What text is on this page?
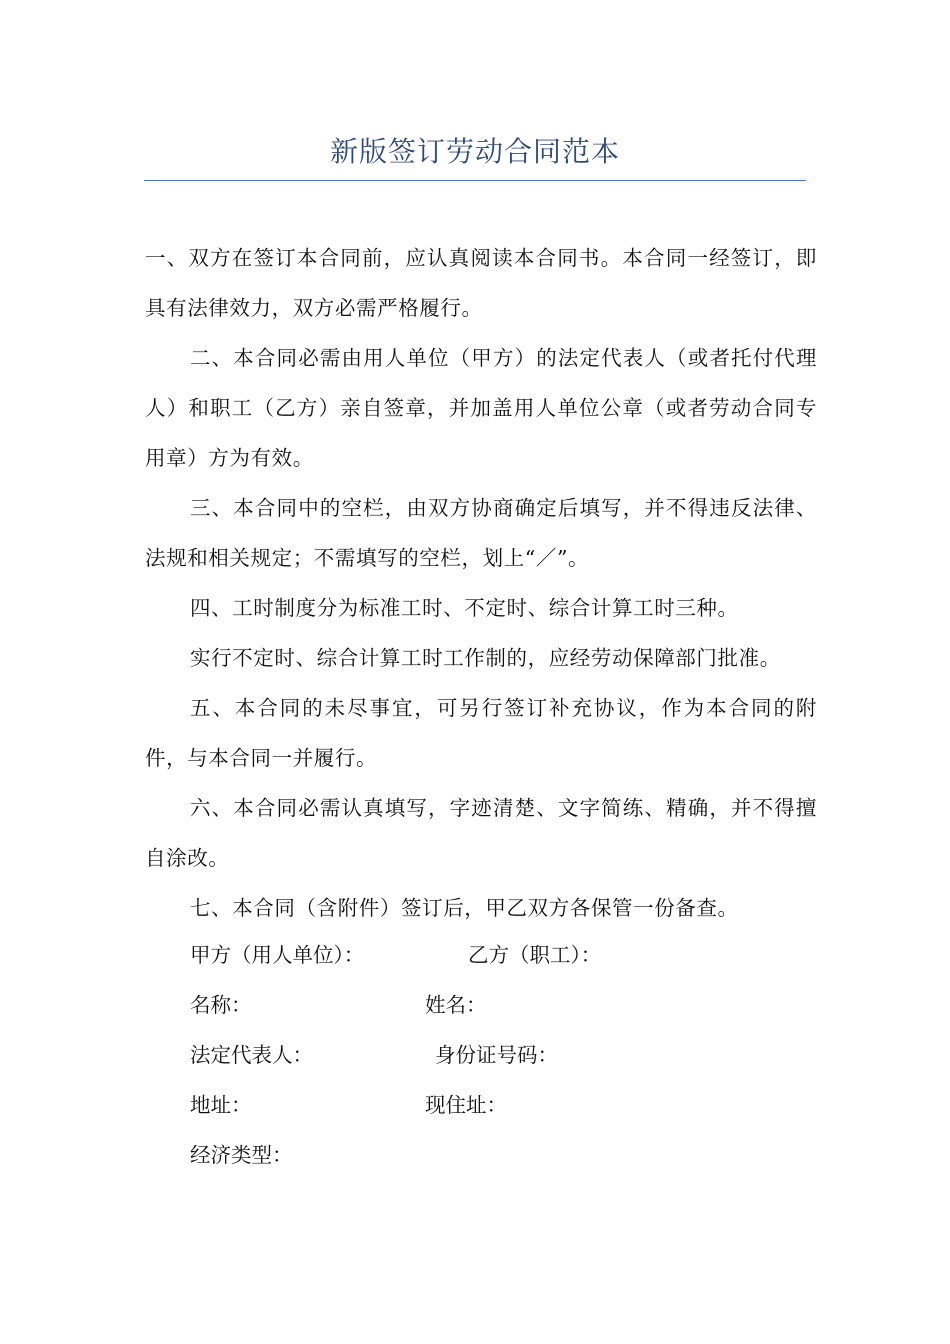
新版签订劳动合同范本

一、双方在签订本合同前，应认真阅读本合同书。本合同一经签订，即具有法律效力，双方必需严格履行。

二、本合同必需由用人单位（甲方）的法定代表人（或者托付代理人）和职工（乙方）亲自签章，并加盖用人单位公章（或者劳动合同专用章）方为有效。

三、本合同中的空栏，由双方协商确定后填写，并不得违反法律、法规和相关规定；不需填写的空栏，划上“／”。

四、工时制度分为标准工时、不定时、综合计算工时三种。

实行不定时、综合计算工时工作制的，应经劳动保障部门批准。

五、本合同的未尽事宜，可另行签订补充协议，作为本合同的附件，与本合同一并履行。

六、本合同必需认真填写，字迹清楚、文字简练、精确，并不得擅自涂改。

七、本合同（含附件）签订后，甲乙双方各保管一份备查。

甲方（用人单位）：	乙方（职工）：
名称：	姓名：
法定代表人：	身份证号码：
地址：	现住址：
经济类型：
